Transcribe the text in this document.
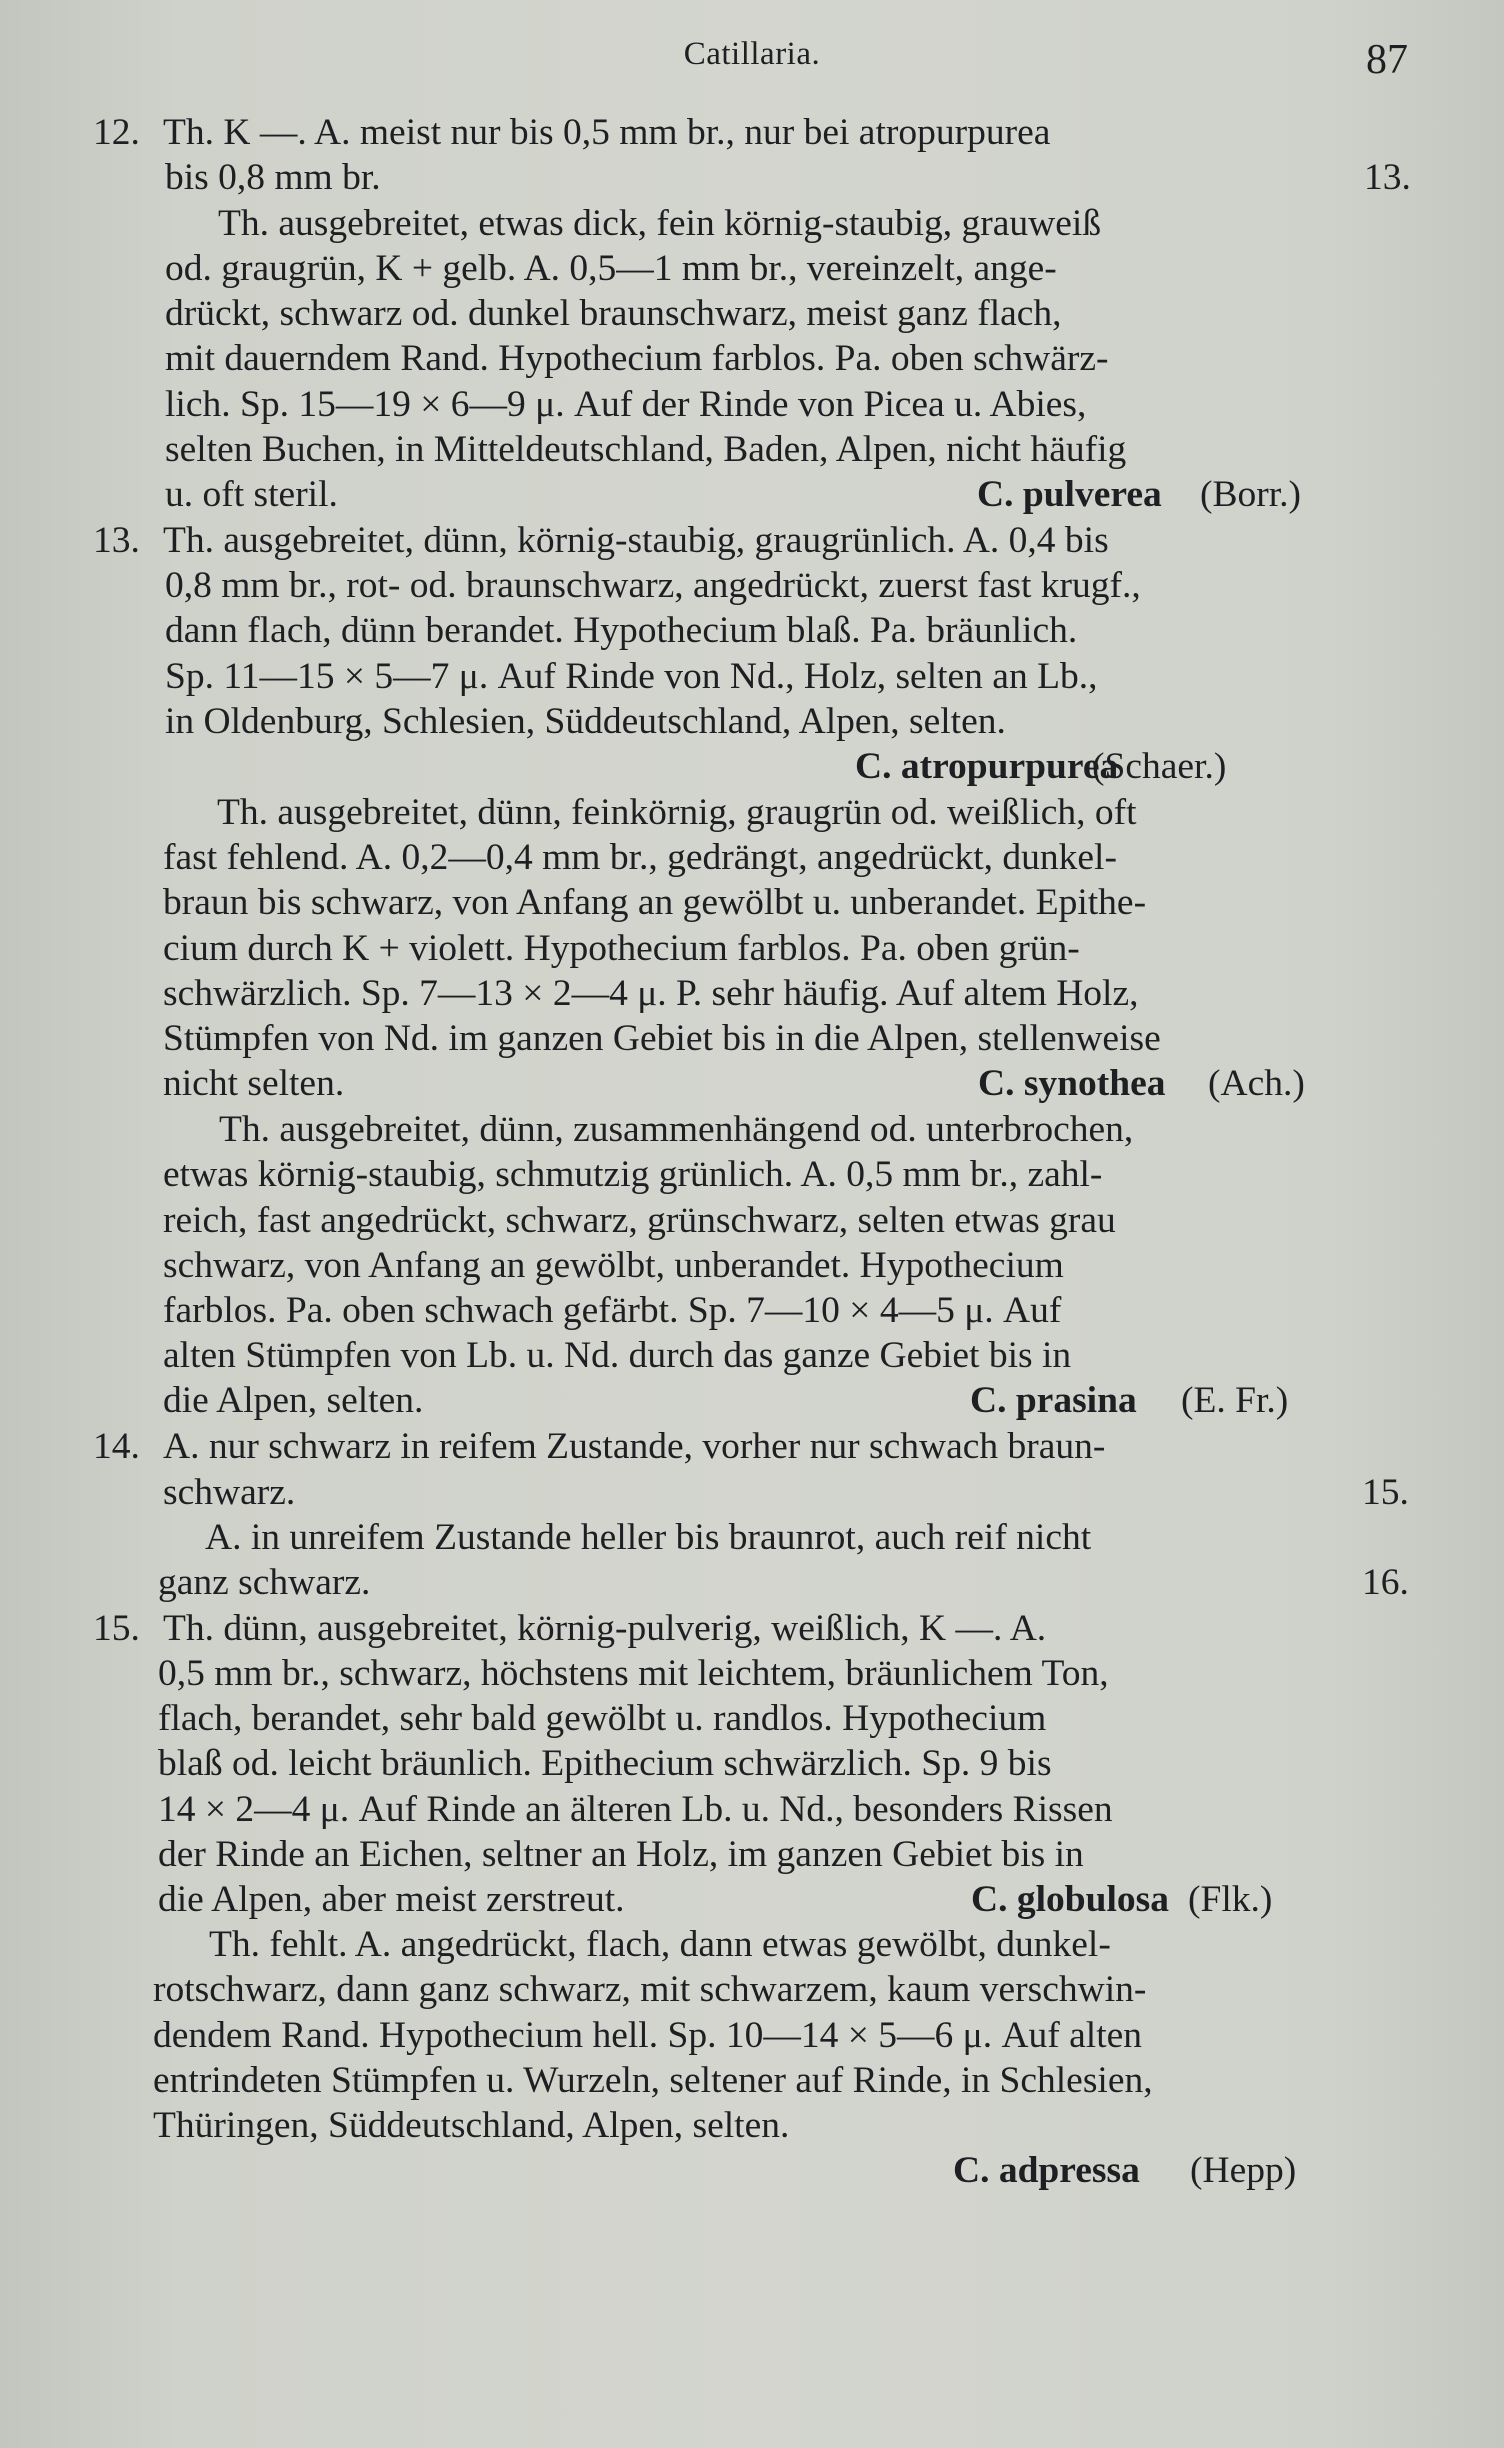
Catillaria.	87
12. Th. K —. A. meist nur bis 0,5 mm br., nur bei atropurpurea
bis 0,8 mm br.	13.
Th. ausgebreitet, etwas dick, fein körnig-staubig, grauweiß
od. graugrün, K + gelb. A. 0,5—1 mm br., vereinzelt, ange-
drückt, schwarz od. dunkel braunschwarz, meist ganz flach,
mit dauerndem Rand. Hypothecium farblos. Pa. oben schwärz-
lich. Sp. 15—19 × 6—9 μ. Auf der Rinde von Picea u. Abies,
selten Buchen, in Mitteldeutschland, Baden, Alpen, nicht häufig
u. oft steril.	C. pulverea (Borr.)
13. Th. ausgebreitet, dünn, körnig-staubig, graugrünlich. A. 0,4 bis
0,8 mm br., rot- od. braunschwarz, angedrückt, zuerst fast krugf.,
dann flach, dünn berandet. Hypothecium blaß. Pa. bräunlich.
Sp. 11—15 × 5—7 μ. Auf Rinde von Nd., Holz, selten an Lb.,
in Oldenburg, Schlesien, Süddeutschland, Alpen, selten.
C. atropurpurea
(Schaer.)
Th. ausgebreitet, dünn, feinkörnig, graugrün od. weißlich, oft
fast fehlend. A. 0,2—0,4 mm br., gedrängt, angedrückt, dunkel-
braun bis schwarz, von Anfang an gewölbt u. unberandet. Epithe-
cium durch K + violett. Hypothecium farblos. Pa. oben grün-
schwärzlich. Sp. 7—13 × 2—4 μ. P. sehr häufig. Auf altem Holz,
Stümpfen von Nd. im ganzen Gebiet bis in die Alpen, stellenweise
nicht selten.	C. synothea (Ach.)
Th. ausgebreitet, dünn, zusammenhängend od. unterbrochen,
etwas körnig-staubig, schmutzig grünlich. A. 0,5 mm br., zahl-
reich, fast angedrückt, schwarz, grünschwarz, selten etwas grau
schwarz, von Anfang an gewölbt, unberandet. Hypothecium
farblos. Pa. oben schwach gefärbt. Sp. 7—10 × 4—5 μ. Auf
alten Stümpfen von Lb. u. Nd. durch das ganze Gebiet bis in
die Alpen, selten.	C. prasina (E. Fr.)
14. A. nur schwarz in reifem Zustande, vorher nur schwach braun-
schwarz.	15.
A. in unreifem Zustande heller bis braunrot, auch reif nicht
ganz schwarz.	16.
15. Th. dünn, ausgebreitet, körnig-pulverig, weißlich, K —. A.
0,5 mm br., schwarz, höchstens mit leichtem, bräunlichem Ton,
flach, berandet, sehr bald gewölbt u. randlos. Hypothecium
blaß od. leicht bräunlich. Epithecium schwärzlich. Sp. 9 bis
14 × 2—4 μ. Auf Rinde an älteren Lb. u. Nd., besonders Rissen
der Rinde an Eichen, seltner an Holz, im ganzen Gebiet bis in
die Alpen, aber meist zerstreut.	C. globulosa (Flk.)
Th. fehlt. A. angedrückt, flach, dann etwas gewölbt, dunkel-
rotschwarz, dann ganz schwarz, mit schwarzem, kaum verschwin-
dendem Rand. Hypothecium hell. Sp. 10—14 × 5—6 μ. Auf alten
entrindeten Stümpfen u. Wurzeln, seltener auf Rinde, in Schlesien,
Thüringen, Süddeutschland, Alpen, selten.
C. adpressa (Hepp)
